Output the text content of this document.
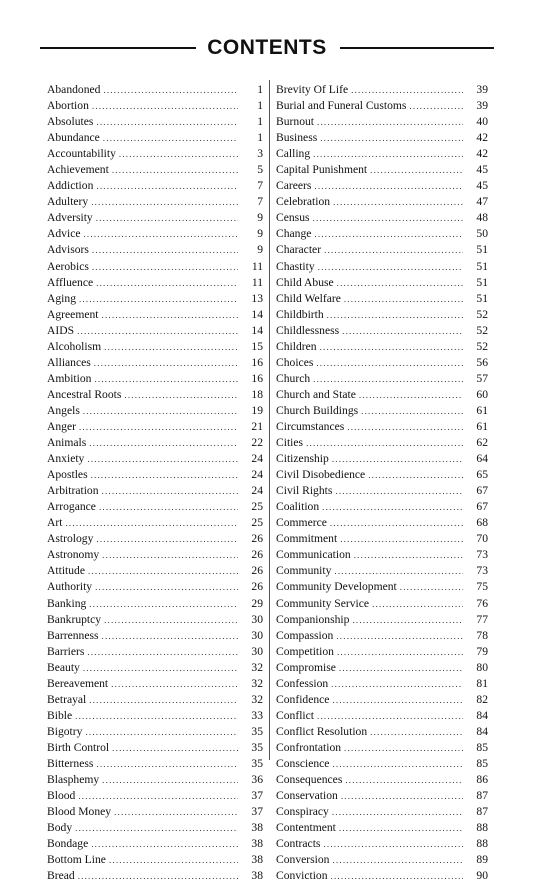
CONTENTS
Abandoned .....	1
Abortion .....	1
Absolutes .....	1
Abundance .....	1
Accountability .....	3
Achievement .....	5
Addiction .....	7
Adultery .....	7
Adversity .....	9
Advice .....	9
Advisors .....	9
Aerobics .....	11
Affluence .....	11
Aging .....	13
Agreement .....	14
AIDS .....	14
Alcoholism .....	15
Alliances .....	16
Ambition .....	16
Ancestral Roots .....	18
Angels .....	19
Anger .....	21
Animals .....	22
Anxiety .....	24
Apostles .....	24
Arbitration .....	24
Arrogance .....	25
Art .....	25
Astrology .....	26
Astronomy .....	26
Attitude .....	26
Authority .....	26
Banking .....	29
Bankruptcy .....	30
Barrenness .....	30
Barriers .....	30
Beauty .....	32
Bereavement .....	32
Betrayal .....	32
Bible .....	33
Bigotry .....	35
Birth Control .....	35
Bitterness .....	35
Blasphemy .....	36
Blood .....	37
Blood Money .....	37
Body .....	38
Bondage .....	38
Bottom Line .....	38
Bread .....	38
Brevity Of Life .....	39
Burial and Funeral Customs .....	39
Burnout .....	40
Business .....	42
Calling .....	42
Capital Punishment .....	45
Careers .....	45
Celebration .....	47
Census .....	48
Change .....	50
Character .....	51
Chastity .....	51
Child Abuse .....	51
Child Welfare .....	51
Childbirth .....	52
Childlessness .....	52
Children .....	52
Choices .....	56
Church .....	57
Church and State .....	60
Church Buildings .....	61
Circumstances .....	61
Cities .....	62
Citizenship .....	64
Civil Disobedience .....	65
Civil Rights .....	67
Coalition .....	67
Commerce .....	68
Commitment .....	70
Communication .....	73
Community .....	73
Community Development .....	75
Community Service .....	76
Companionship .....	77
Compassion .....	78
Competition .....	79
Compromise .....	80
Confession .....	81
Confidence .....	82
Conflict .....	84
Conflict Resolution .....	84
Confrontation .....	85
Conscience .....	85
Consequences .....	86
Conservation .....	87
Conspiracy .....	87
Contentment .....	88
Contracts .....	88
Conversion .....	89
Conviction .....	90
